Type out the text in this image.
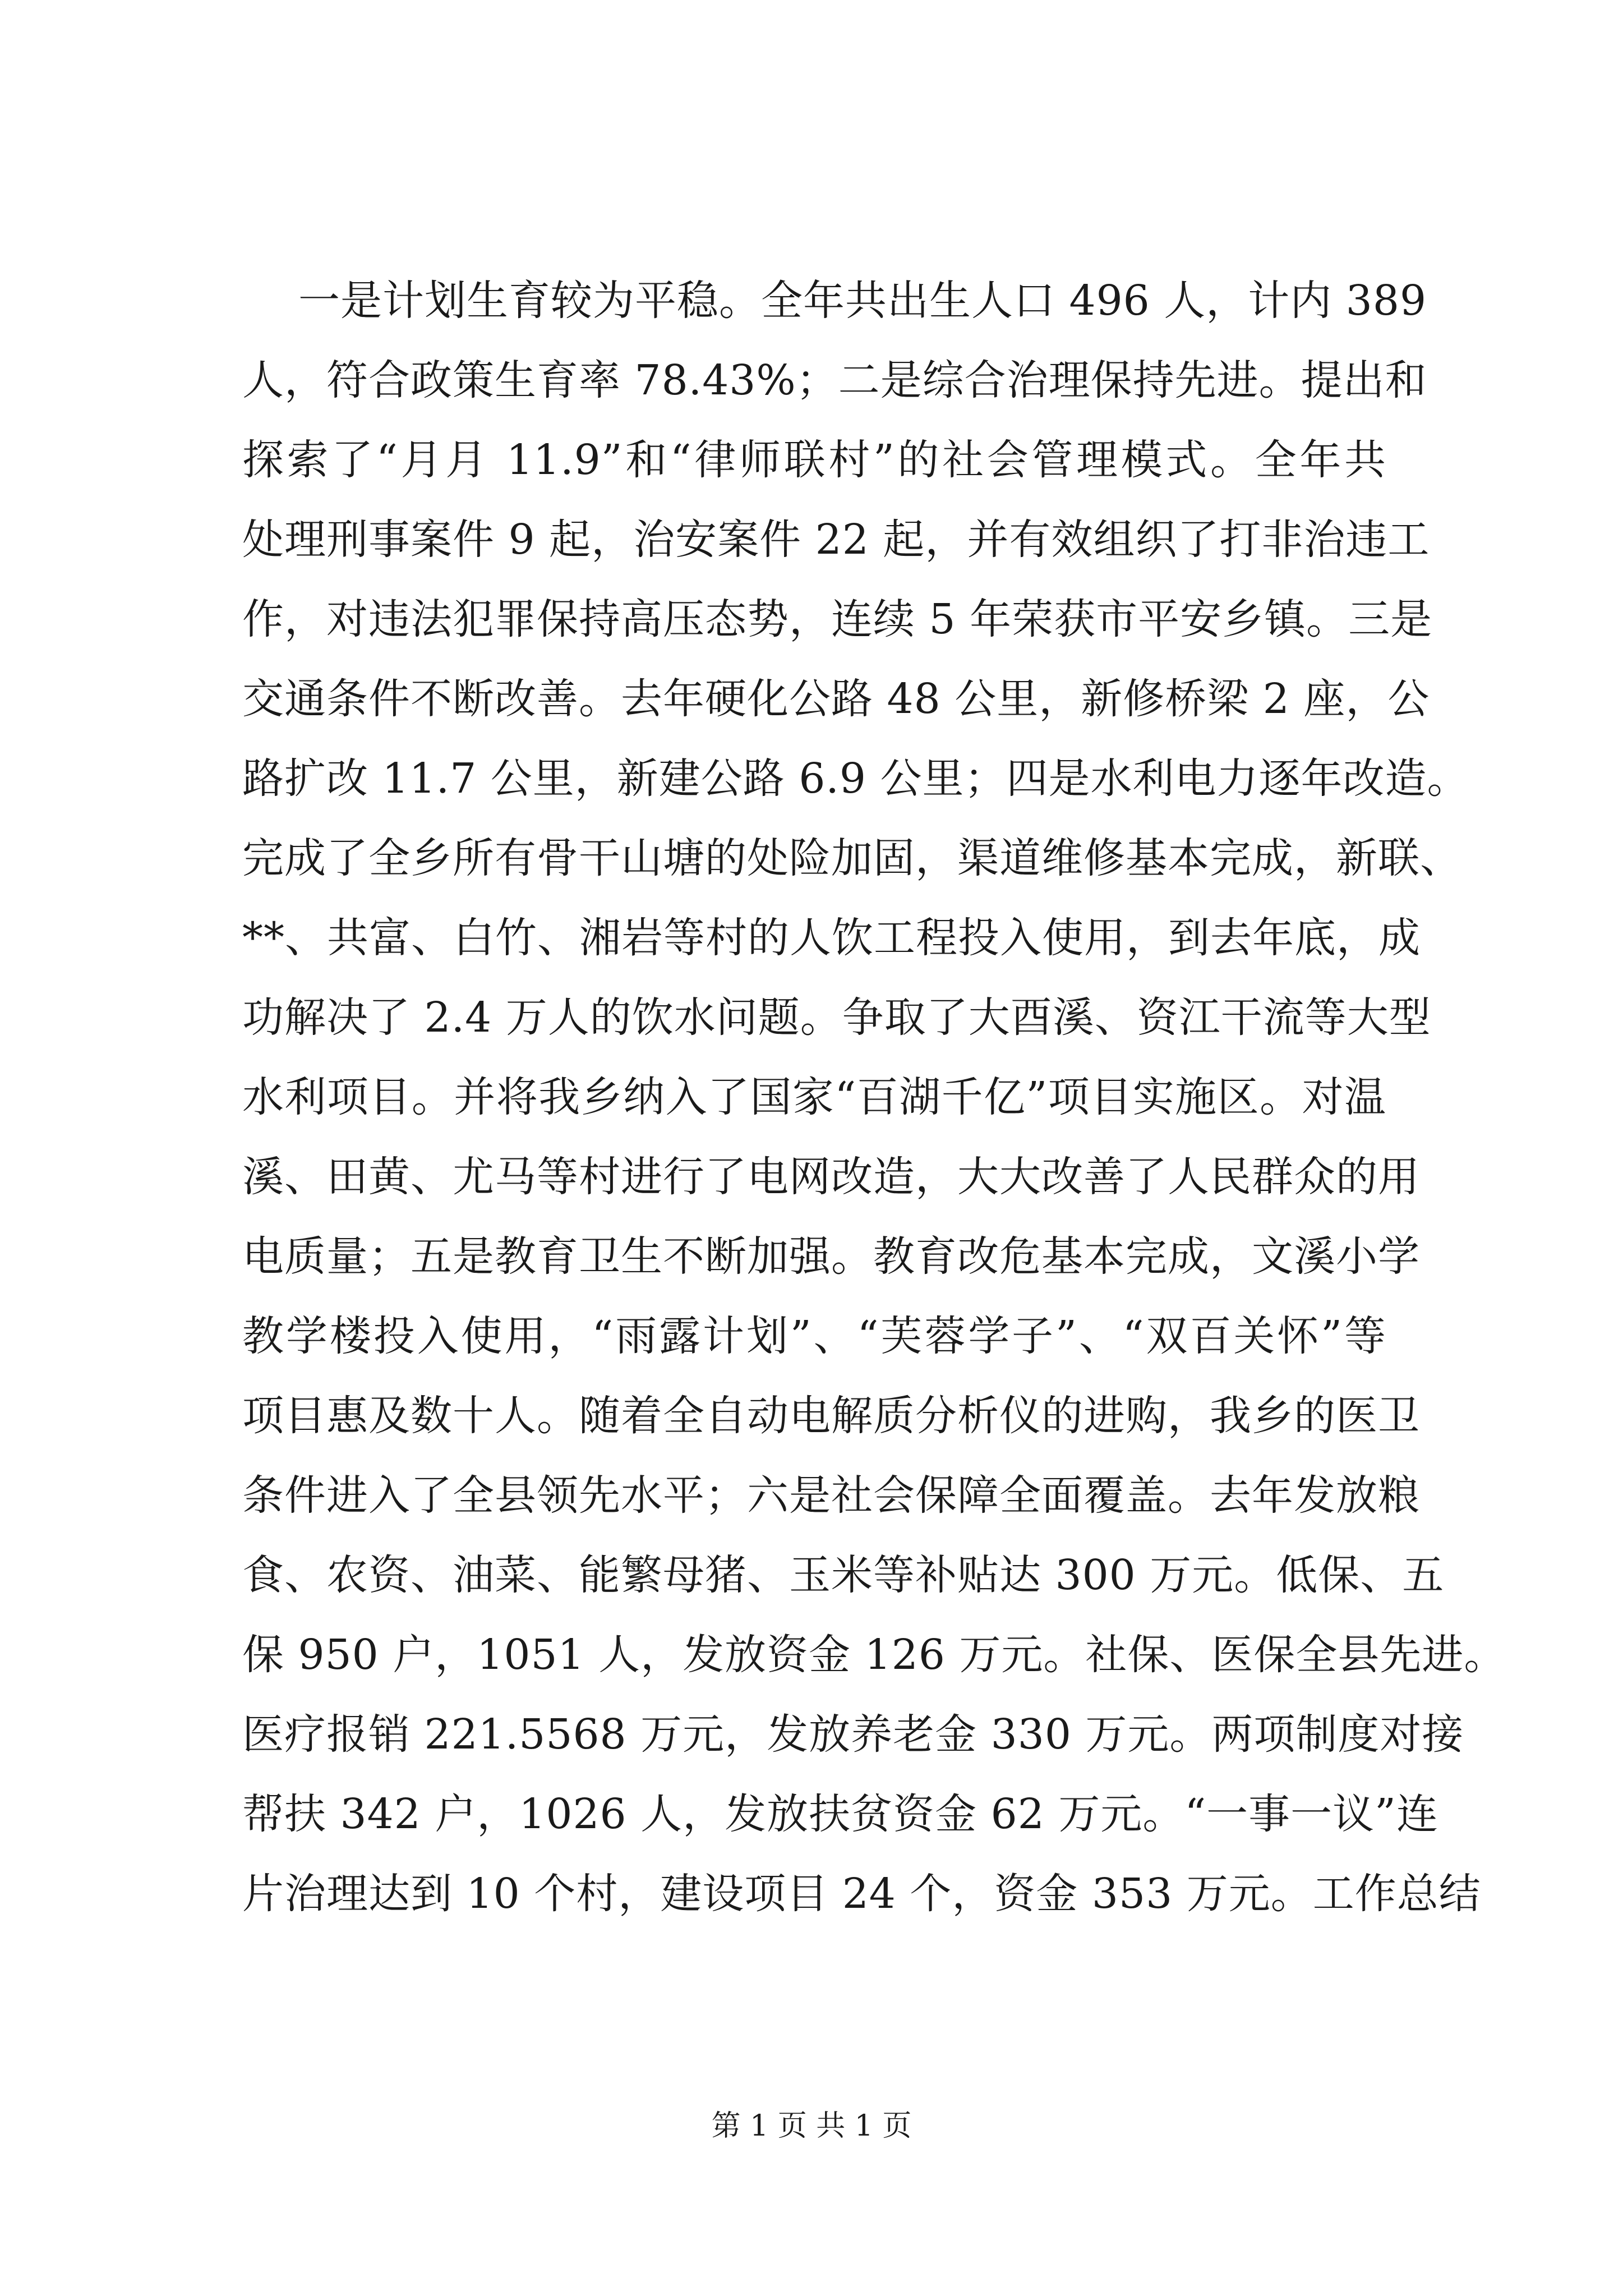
一是计划生育较为平稳。全年共出生人口 496 人，计内 389
人，符合政策生育率 78.43%；二是综合治理保持先进。提出和
探索了“月月 11.9”和“律师联村”的社会管理模式。全年共
处理刑事案件 9 起，治安案件 22 起，并有效组织了打非治违工
作，对违法犯罪保持高压态势，连续 5 年荣获市平安乡镇。三是
交通条件不断改善。去年硬化公路 48 公里，新修桥梁 2 座，公
路扩改 11.7 公里，新建公路 6.9 公里；四是水利电力逐年改造。
完成了全乡所有骨干山塘的处险加固，渠道维修基本完成，新联、
**、共富、白竹、湘岩等村的人饮工程投入使用，到去年底，成
功解决了 2.4 万人的饮水问题。争取了大酉溪、资江干流等大型
水利项目。并将我乡纳入了国家“百湖千亿”项目实施区。对温
溪、田黄、尤马等村进行了电网改造，大大改善了人民群众的用
电质量；五是教育卫生不断加强。教育改危基本完成，文溪小学
教学楼投入使用，“雨露计划”、“芙蓉学子”、“双百关怀”等
项目惠及数十人。随着全自动电解质分析仪的进购，我乡的医卫
条件进入了全县领先水平；六是社会保障全面覆盖。去年发放粮
食、农资、油菜、能繁母猪、玉米等补贴达 300 万元。低保、五
保 950 户，1051 人，发放资金 126 万元。社保、医保全县先进。
医疗报销 221.5568 万元，发放养老金 330 万元。两项制度对接
帮扶 342 户，1026 人，发放扶贫资金 62 万元。“一事一议”连
片治理达到 10 个村，建设项目 24 个，资金 353 万元。工作总结
第 1 页 共 1 页
